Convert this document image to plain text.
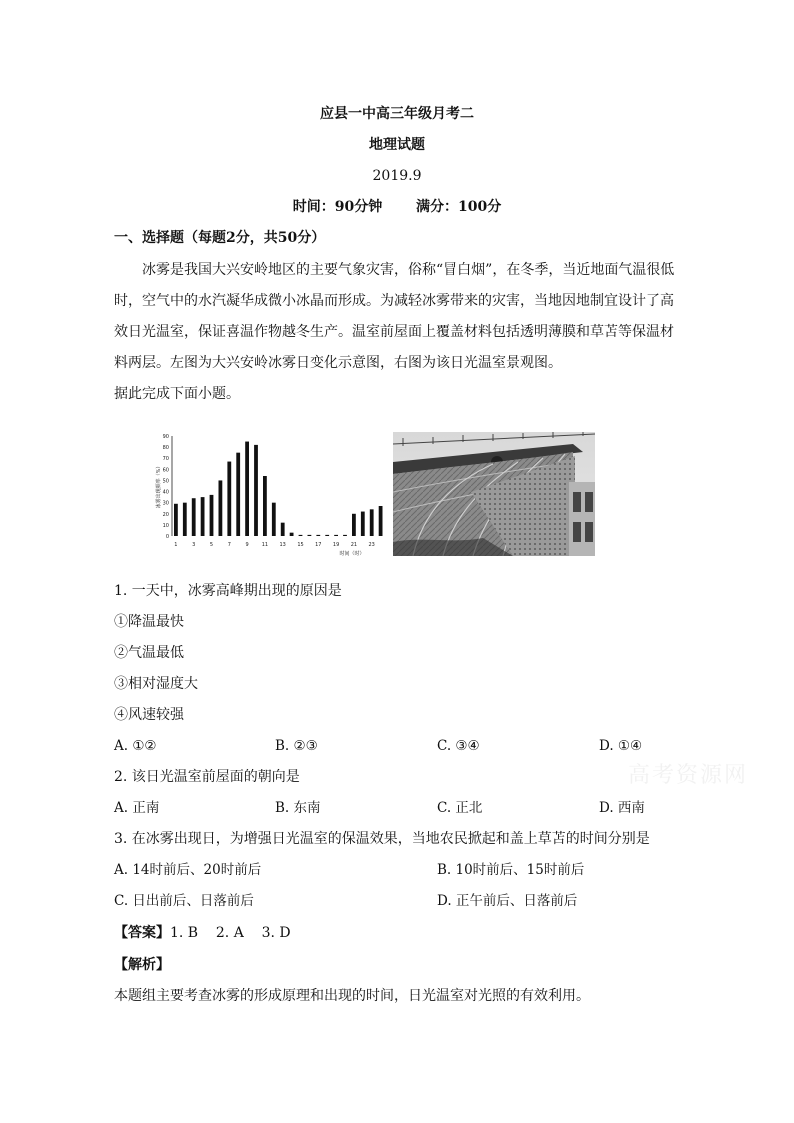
应县一中高三年级月考二
地理试题
2019.9
时间：90分钟 满分：100分
一、选择题（每题2分，共50分）
冰雾是我国大兴安岭地区的主要气象灾害，俗称“冒白烟”，在冬季，当近地面气温很低
时，空气中的水汽凝华成微小冰晶而形成。为减轻冰雾带来的灾害，当地因地制宜设计了高
效日光温室，保证喜温作物越冬生产。温室前屋面上覆盖材料包括透明薄膜和草苫等保温材
料两层。左图为大兴安岭冰雾日变化示意图，右图为该日光温室景观图。
据此完成下面小题。
0
10
20
30
40
50
60
70
80
90
1	3	5	7	9	11 13 15 17 19 21 23
冰雾出现频率（%）
时间（时）
1. 一天中，冰雾高峰期出现的原因是
①降温最快
②气温最低
③相对湿度大
④风速较强
A. ①②	B. ②③	C. ③④	D. ①④
2. 该日光温室前屋面的朝向是
A. 正南	B. 东南	C. 正北	D. 西南
3. 在冰雾出现日，为增强日光温室的保温效果，当地农民掀起和盖上草苫的时间分别是
A. 14时前后、20时前后	B. 10时前后、15时前后
C. 日出前后、日落前后	D. 正午前后、日落前后
【答案】1. B    2. A    3. D
【解析】
本题组主要考查冰雾的形成原理和出现的时间，日光温室对光照的有效利用。
高考资源网
